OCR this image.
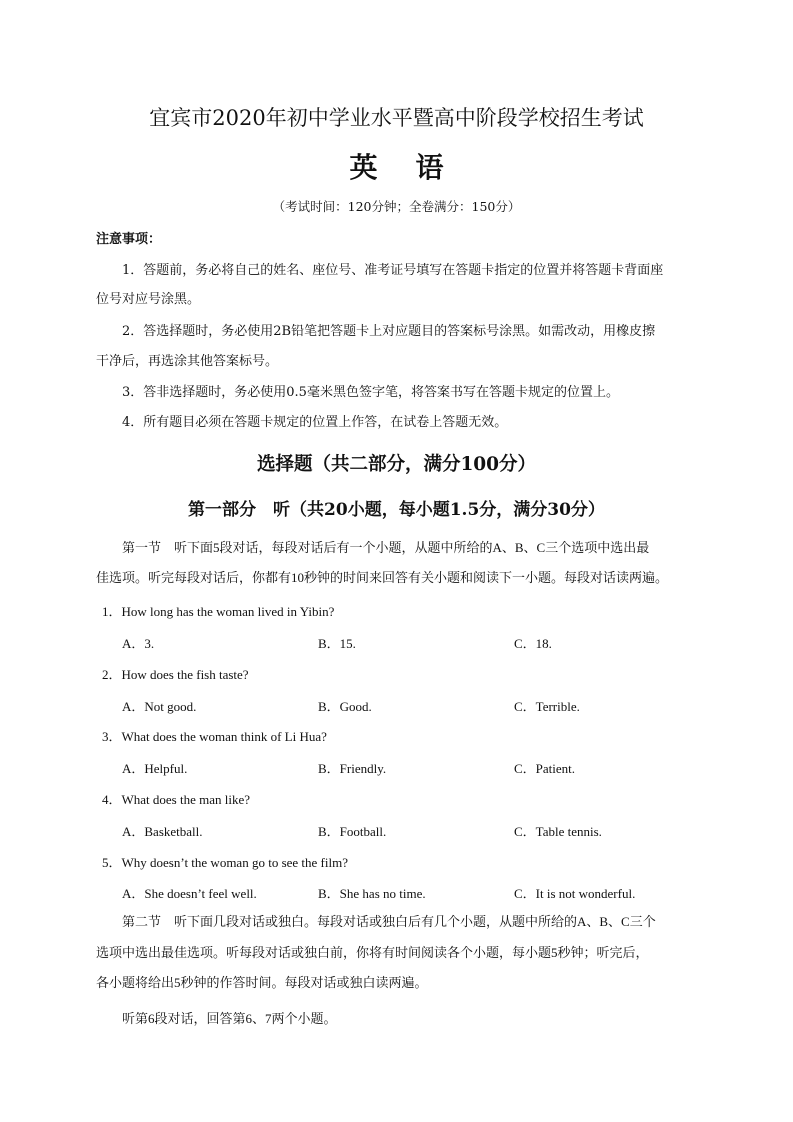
宜宾市2020年初中学业水平暨高中阶段学校招生考试
英 语
（考试时间：120分钟；全卷满分：150分）
注意事项：
1．答题前，务必将自己的姓名、座位号、准考证号填写在答题卡指定的位置并将答题卡背面座
位号对应号涂黑。
2．答选择题时，务必使用2B铅笔把答题卡上对应题目的答案标号涂黑。如需改动，用橡皮擦
干净后，再选涂其他答案标号。
3．答非选择题时，务必使用0.5毫米黑色签字笔，将答案书写在答题卡规定的位置上。
4．所有题目必须在答题卡规定的位置上作答，在试卷上答题无效。
选择题（共二部分，满分100分）
第一部分　听（共20小题，每小题1.5分，满分30分）
第一节　听下面5段对话，每段对话后有一个小题，从题中所给的A、B、C三个选项中选出最
佳选项。听完每段对话后，你都有10秒钟的时间来回答有关小题和阅读下一小题。每段对话读两遍。
1．How long has the woman lived in Yibin?
A．3.	B．15.	C．18.
2．How does the fish taste?
A．Not good.	B．Good.	C．Terrible.
3．What does the woman think of Li Hua?
A．Helpful.	B．Friendly.	C．Patient.
4．What does the man like?
A．Basketball.	B．Football.	C．Table tennis.
5．Why doesn’t the woman go to see the film?
A．She doesn’t feel well.	B．She has no time.	C．It is not wonderful.
第二节　听下面几段对话或独白。每段对话或独白后有几个小题，从题中所给的A、B、C三个
选项中选出最佳选项。听每段对话或独白前，你将有时间阅读各个小题，每小题5秒钟；听完后，
各小题将给出5秒钟的作答时间。每段对话或独白读两遍。
听第6段对话，回答第6、7两个小题。
